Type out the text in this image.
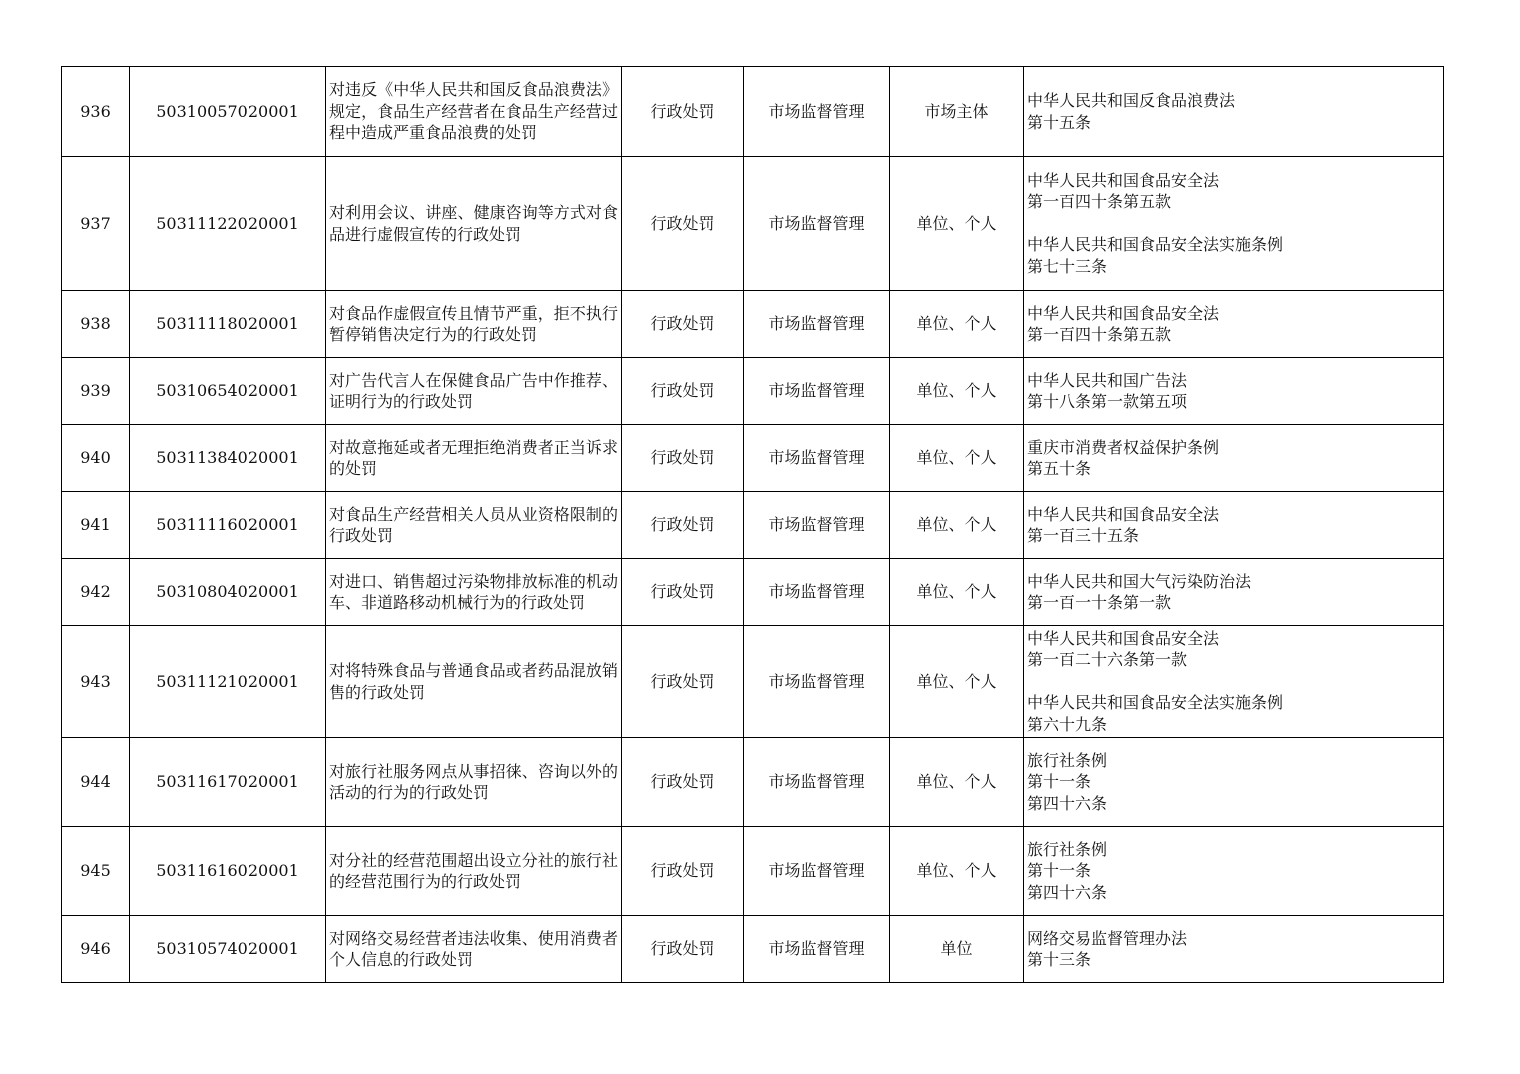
936	50310057020001	对违反《中华人民共和国反食品浪费法》规定，食品生产经营者在食品生产经营过程中造成严重食品浪费的处罚	行政处罚	市场监督管理	市场主体	中华人民共和国反食品浪费法
第十五条

937	50311122020001	对利用会议、讲座、健康咨询等方式对食品进行虚假宣传的行政处罚	行政处罚	市场监督管理	单位、个人	中华人民共和国食品安全法
第一百四十条第五款
中华人民共和国食品安全法实施条例
第七十三条

938	50311118020001	对食品作虚假宣传且情节严重，拒不执行暂停销售决定行为的行政处罚	行政处罚	市场监督管理	单位、个人	中华人民共和国食品安全法
第一百四十条第五款

939	50310654020001	对广告代言人在保健食品广告中作推荐、证明行为的行政处罚	行政处罚	市场监督管理	单位、个人	中华人民共和国广告法
第十八条第一款第五项

940	50311384020001	对故意拖延或者无理拒绝消费者正当诉求的处罚	行政处罚	市场监督管理	单位、个人	重庆市消费者权益保护条例
第五十条

941	50311116020001	对食品生产经营相关人员从业资格限制的行政处罚	行政处罚	市场监督管理	单位、个人	中华人民共和国食品安全法
第一百三十五条

942	50310804020001	对进口、销售超过污染物排放标准的机动车、非道路移动机械行为的行政处罚	行政处罚	市场监督管理	单位、个人	中华人民共和国大气污染防治法
第一百一十条第一款

943	50311121020001	对将特殊食品与普通食品或者药品混放销售的行政处罚	行政处罚	市场监督管理	单位、个人	中华人民共和国食品安全法
第一百二十六条第一款
中华人民共和国食品安全法实施条例
第六十九条

944	50311617020001	对旅行社服务网点从事招徕、咨询以外的活动的行为的行政处罚	行政处罚	市场监督管理	单位、个人	旅行社条例
第十一条
第四十六条

945	50311616020001	对分社的经营范围超出设立分社的旅行社的经营范围行为的行政处罚	行政处罚	市场监督管理	单位、个人	旅行社条例
第十一条
第四十六条

946	50310574020001	对网络交易经营者违法收集、使用消费者个人信息的行政处罚	行政处罚	市场监督管理	单位	网络交易监督管理办法
第十三条
